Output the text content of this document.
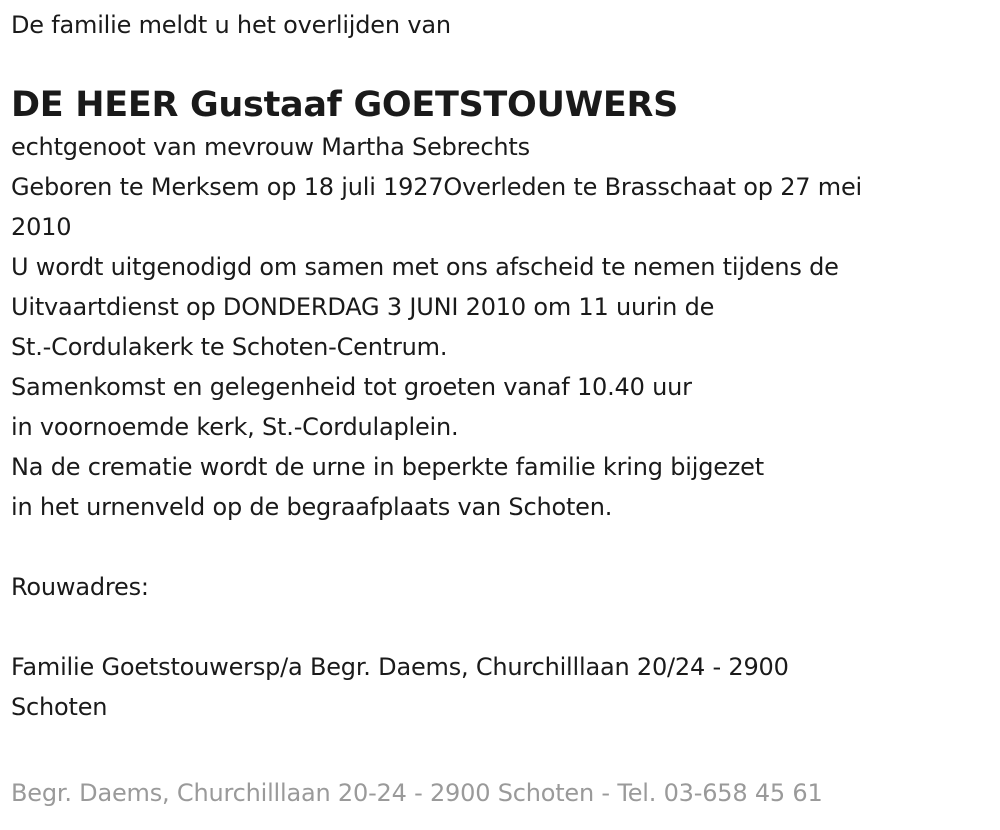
De familie meldt u het overlijden van
DE HEER Gustaaf GOETSTOUWERS
echtgenoot van mevrouw Martha Sebrechts
Geboren te Merksem op 18 juli 1927Overleden te Brasschaat op 27 mei
2010
U wordt uitgenodigd om samen met ons afscheid te nemen tijdens de
Uitvaartdienst op DONDERDAG 3 JUNI 2010 om 11 uurin de
St.-Cordulakerk te Schoten-Centrum.
Samenkomst en gelegenheid tot groeten vanaf 10.40 uur
in voornoemde kerk, St.-Cordulaplein.
Na de crematie wordt de urne in beperkte familie kring bijgezet
in het urnenveld op de begraafplaats van Schoten.
Rouwadres:
Familie Goetstouwersp/a Begr. Daems, Churchilllaan 20/24 - 2900
Schoten
Begr. Daems, Churchilllaan 20-24 - 2900 Schoten - Tel. 03-658 45 61
